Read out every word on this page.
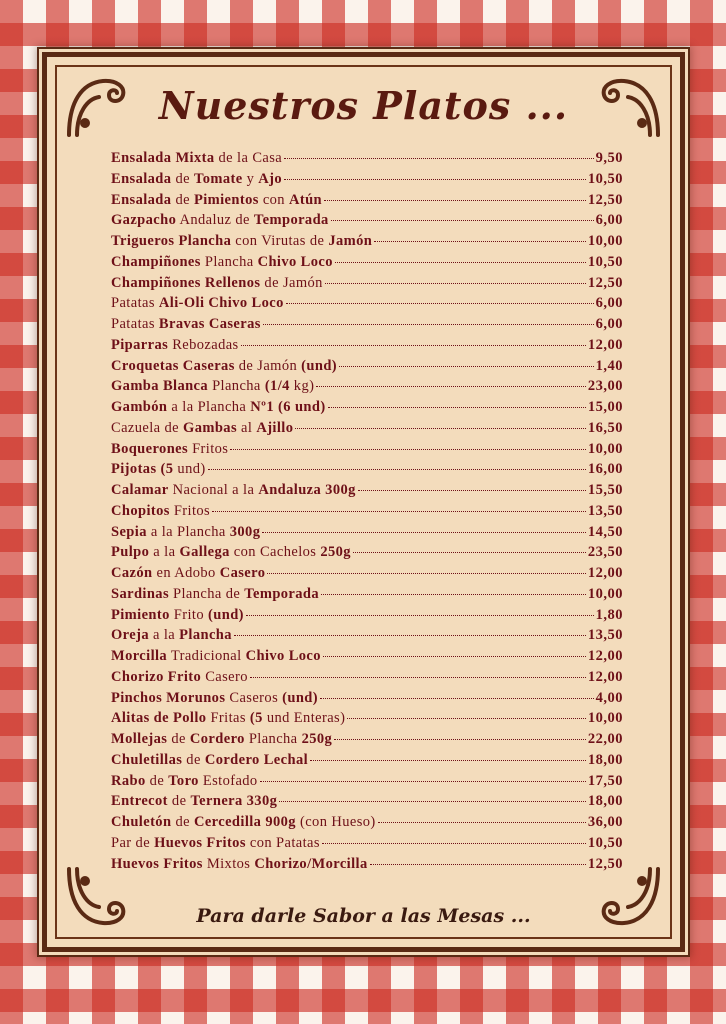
Nuestros Platos ...
Ensalada Mixta de la Casa	9,50
Ensalada de Tomate y Ajo	10,50
Ensalada de Pimientos con Atún	12,50
Gazpacho Andaluz de Temporada	6,00
Trigueros Plancha con Virutas de Jamón	10,00
Champiñones Plancha Chivo Loco	10,50
Champiñones Rellenos de Jamón	12,50
Patatas Ali-Oli Chivo Loco	6,00
Patatas Bravas Caseras	6,00
Piparras Rebozadas	12,00
Croquetas Caseras de Jamón (und)	1,40
Gamba Blanca Plancha (1/4 kg)	23,00
Gambón a la Plancha Nº1 (6 und)	15,00
Cazuela de Gambas al Ajillo	16,50
Boquerones Fritos	10,00
Pijotas (5 und)	16,00
Calamar Nacional a la Andaluza 300g	15,50
Chopitos Fritos	13,50
Sepia a la Plancha 300g	14,50
Pulpo a la Gallega con Cachelos 250g	23,50
Cazón en Adobo Casero	12,00
Sardinas Plancha de Temporada	10,00
Pimiento Frito (und)	1,80
Oreja a la Plancha	13,50
Morcilla Tradicional Chivo Loco	12,00
Chorizo Frito Casero	12,00
Pinchos Morunos Caseros (und)	4,00
Alitas de Pollo Fritas (5 und Enteras)	10,00
Mollejas de Cordero Plancha 250g	22,00
Chuletillas de Cordero Lechal	18,00
Rabo de Toro Estofado	17,50
Entrecot de Ternera 330g	18,00
Chuletón de Cercedilla 900g (con Hueso)	36,00
Par de Huevos Fritos con Patatas	10,50
Huevos Fritos Mixtos Chorizo/Morcilla	12,50
Para darle Sabor a las Mesas ...
